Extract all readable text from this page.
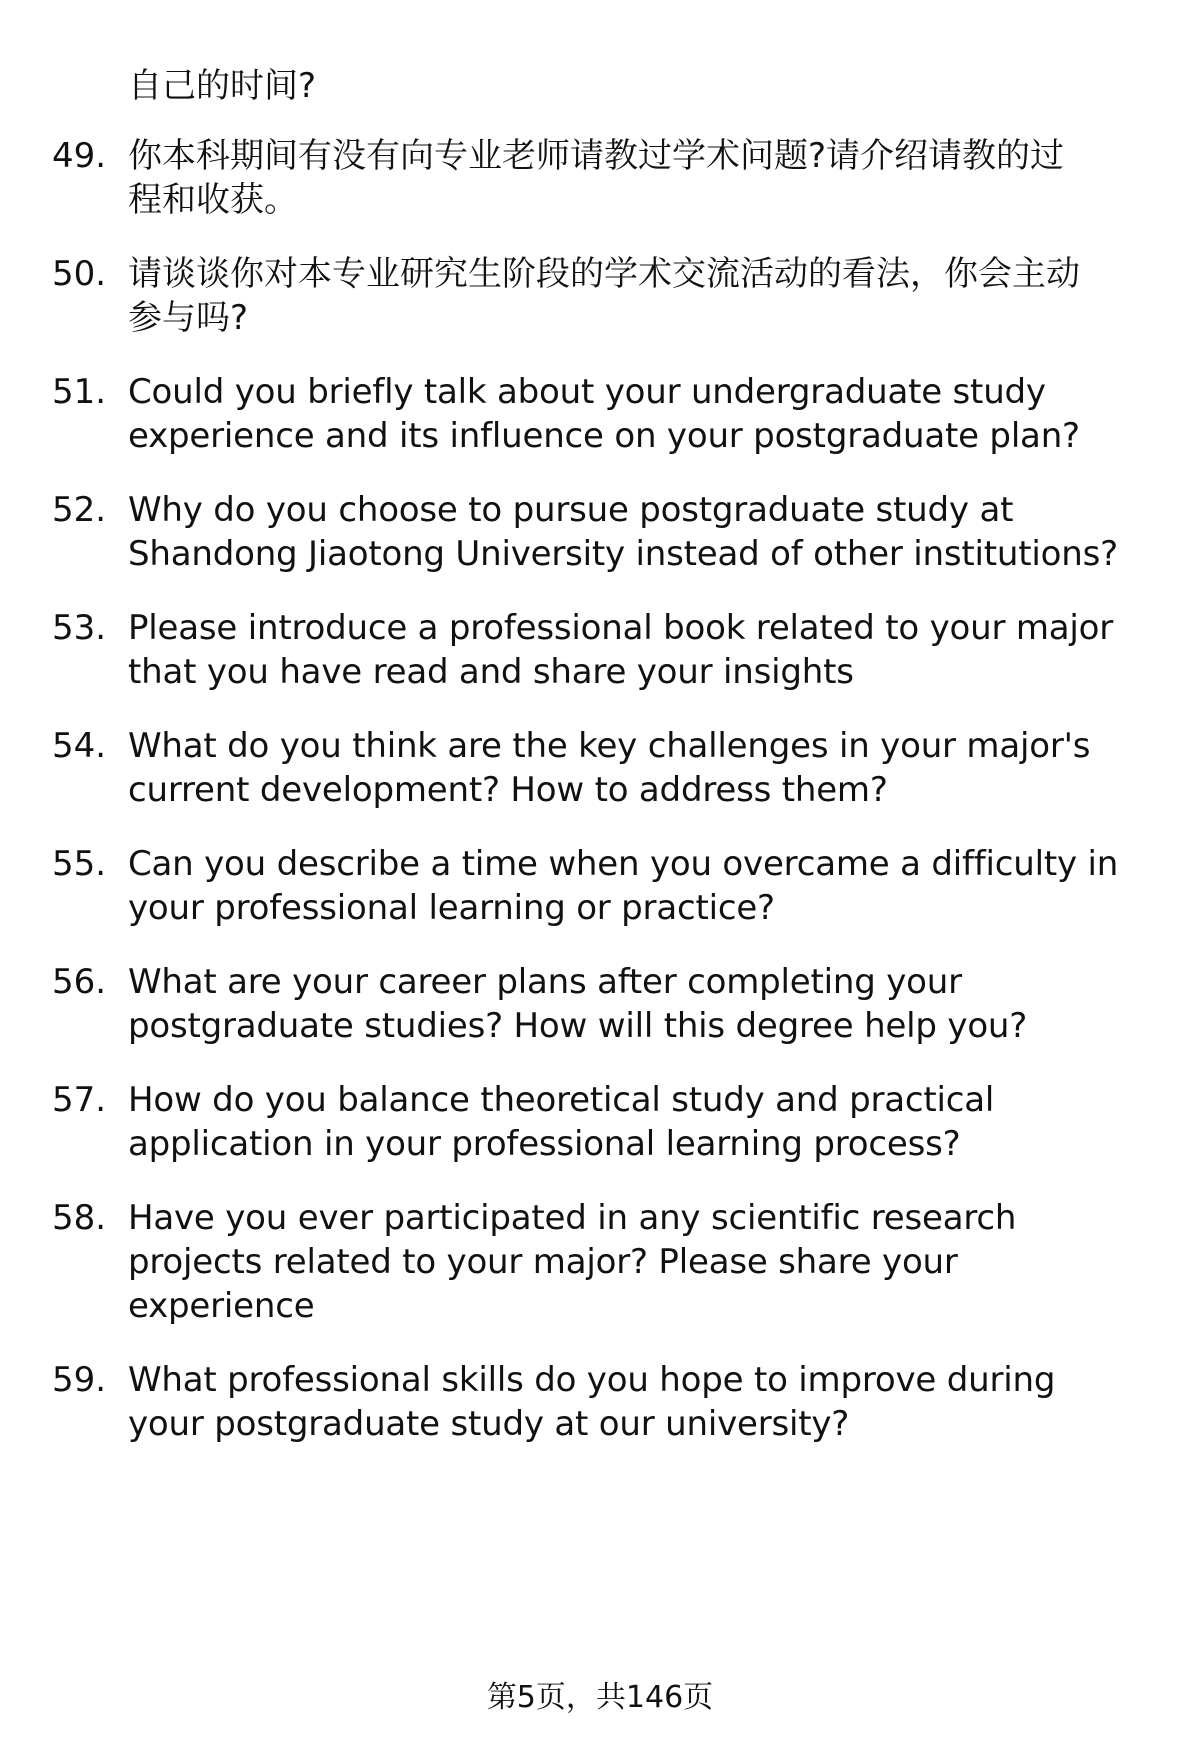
自己的时间?
49. 你本科期间有没有向专业老师请教过学术问题?请介绍请教的过
程和收获。
50. 请谈谈你对本专业研究生阶段的学术交流活动的看法，你会主动
参与吗?
51. Could you briefly talk about your undergraduate study
experience and its influence on your postgraduate plan?
52. Why do you choose to pursue postgraduate study at
Shandong Jiaotong University instead of other institutions?
53. Please introduce a professional book related to your major
that you have read and share your insights
54. What do you think are the key challenges in your major's
current development? How to address them?
55. Can you describe a time when you overcame a difficulty in
your professional learning or practice?
56. What are your career plans after completing your
postgraduate studies? How will this degree help you?
57. How do you balance theoretical study and practical
application in your professional learning process?
58. Have you ever participated in any scientific research
projects related to your major? Please share your
experience
59. What professional skills do you hope to improve during
your postgraduate study at our university?
第5页，共146页
